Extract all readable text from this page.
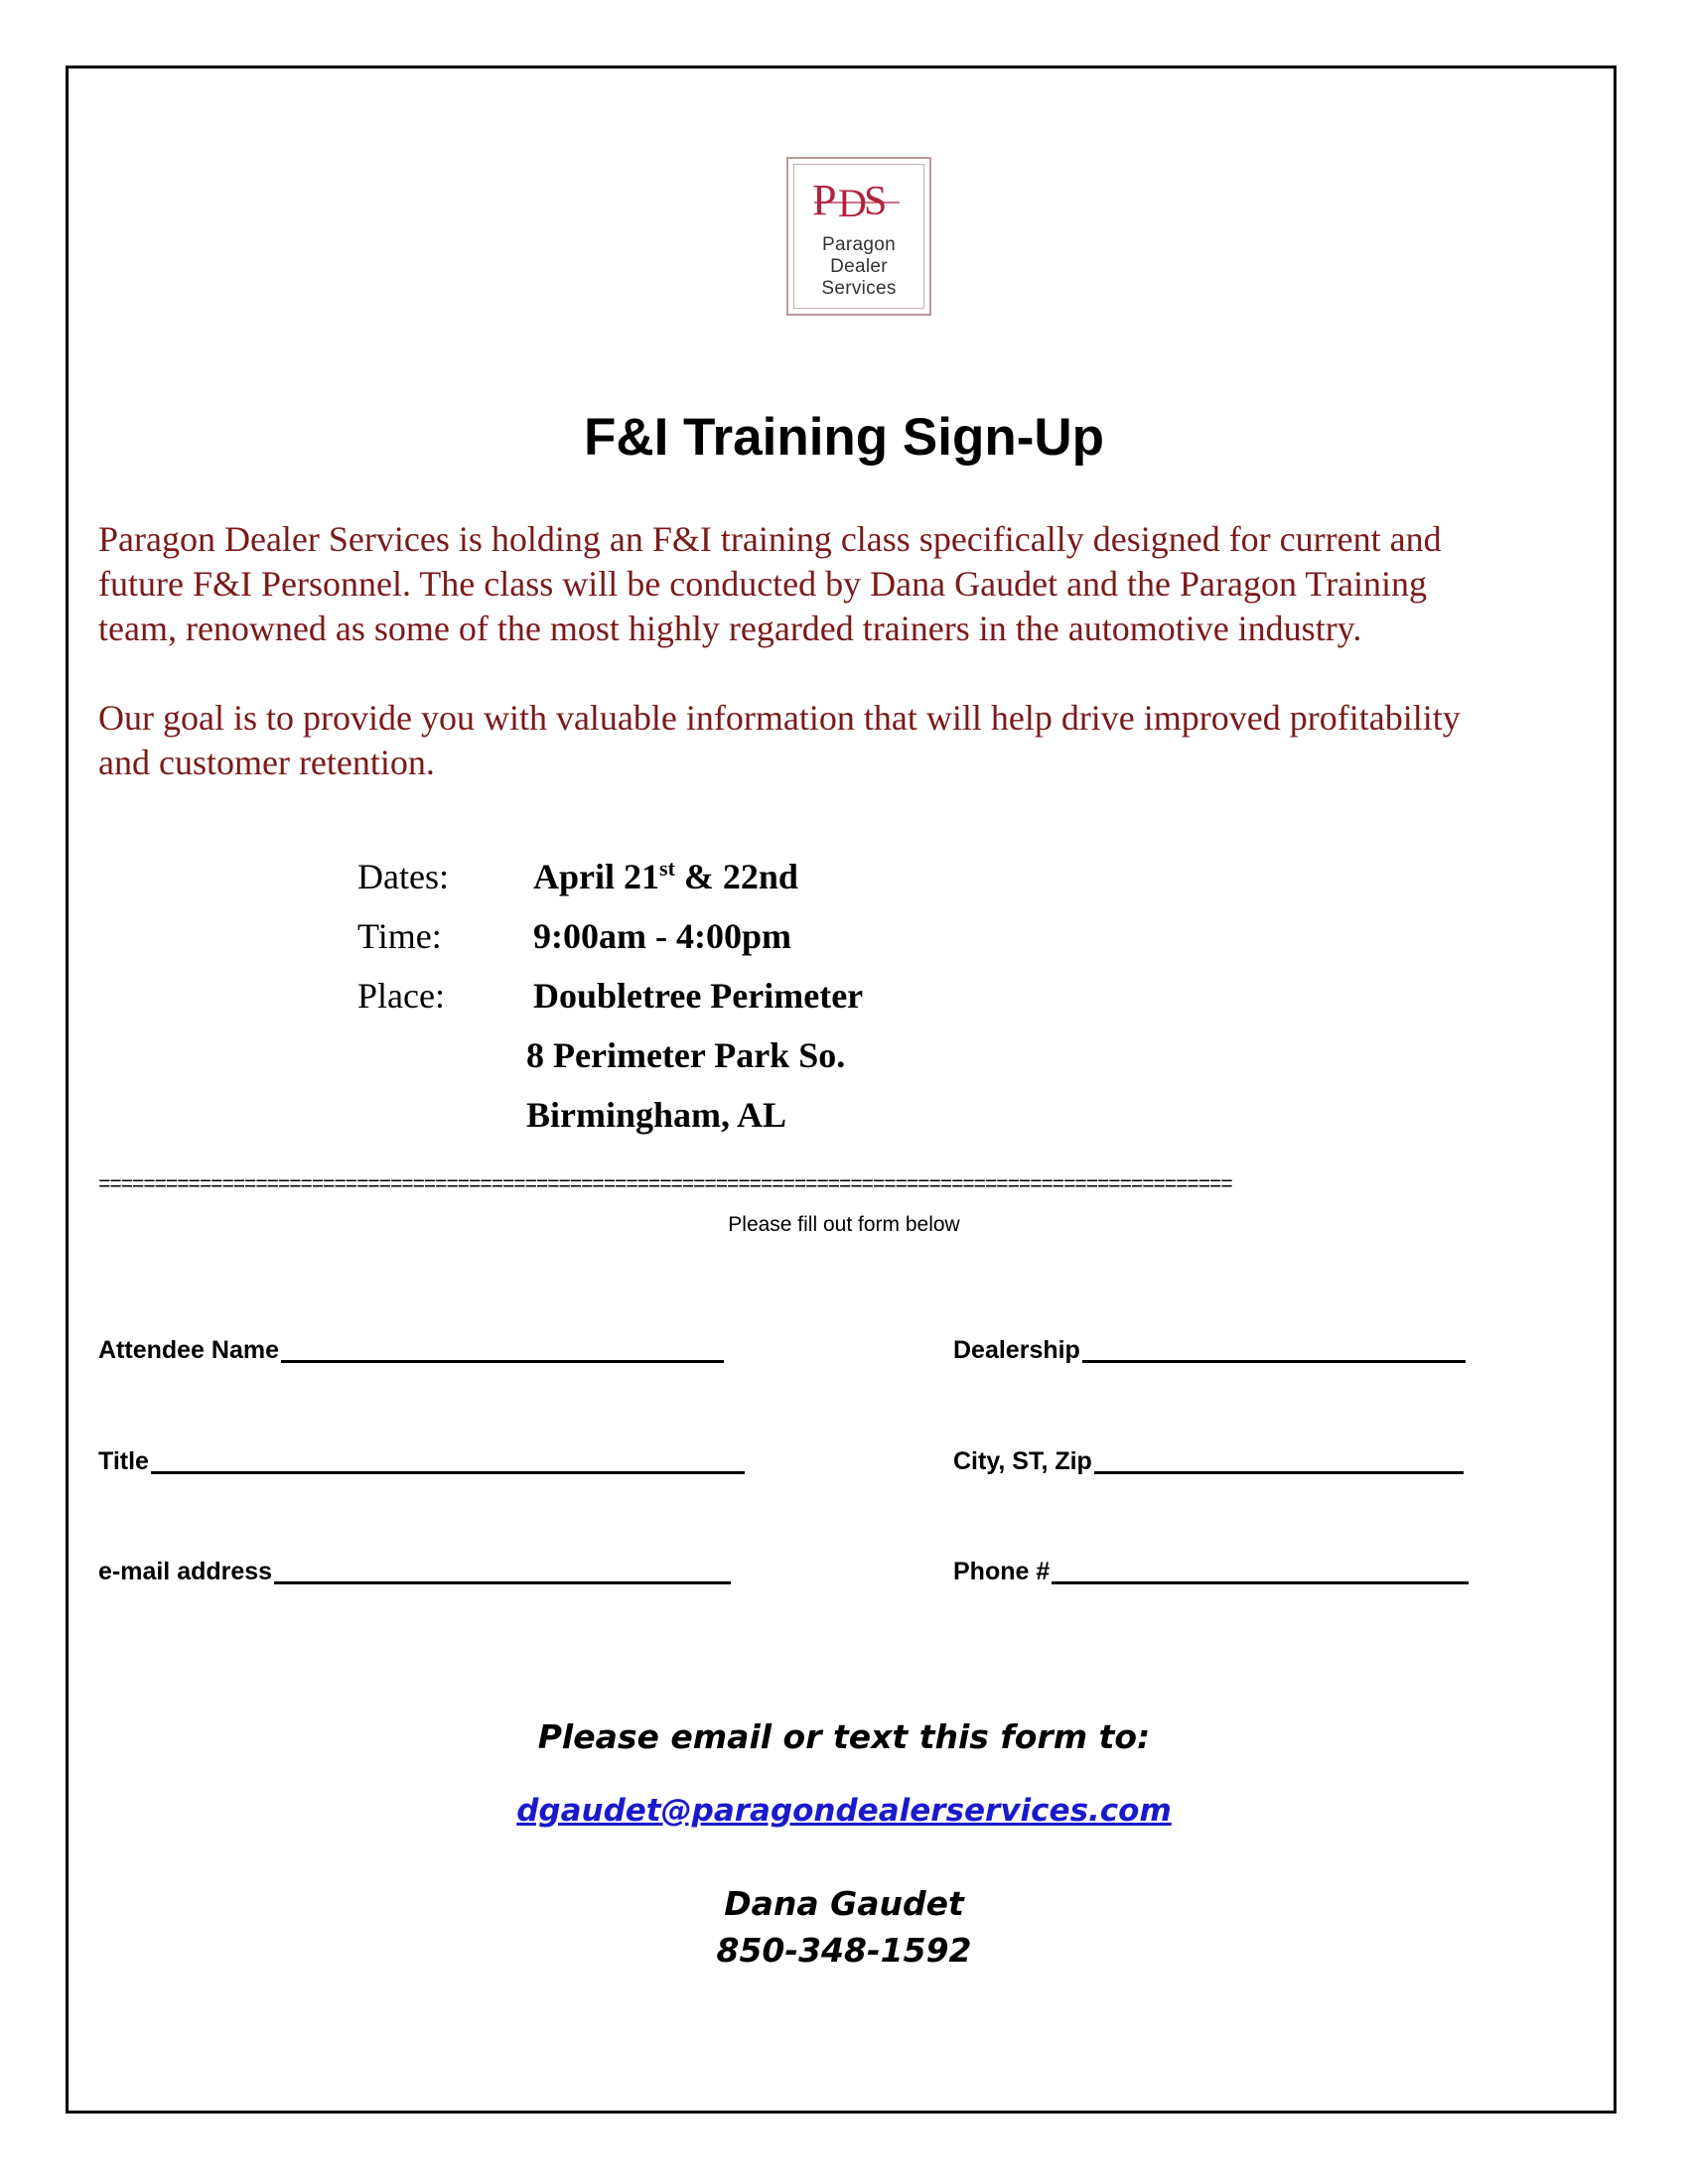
P D
S
Paragon
Dealer
Services
F&I Training Sign-Up

Paragon Dealer Services is holding an F&I training class specifically designed for current and
future F&I Personnel. The class will be conducted by Dana Gaudet and the Paragon Training
team, renowned as some of the most highly regarded trainers in the automotive industry.

Our goal is to provide you with valuable information that will help drive improved profitability
and customer retention.

Dates: April 21st & 22nd
Time:	9:00am - 4:00pm
Place: Doubletree Perimeter
8 Perimeter Park So.
Birmingham, AL
=====================================================================================================
Please fill out form below
Attendee Name	Dealership
Title	City, ST, Zip
e-mail address	Phone #

Please email or text this form to:

dgaudet@paragondealerservices.com

Dana Gaudet

850-348-1592
